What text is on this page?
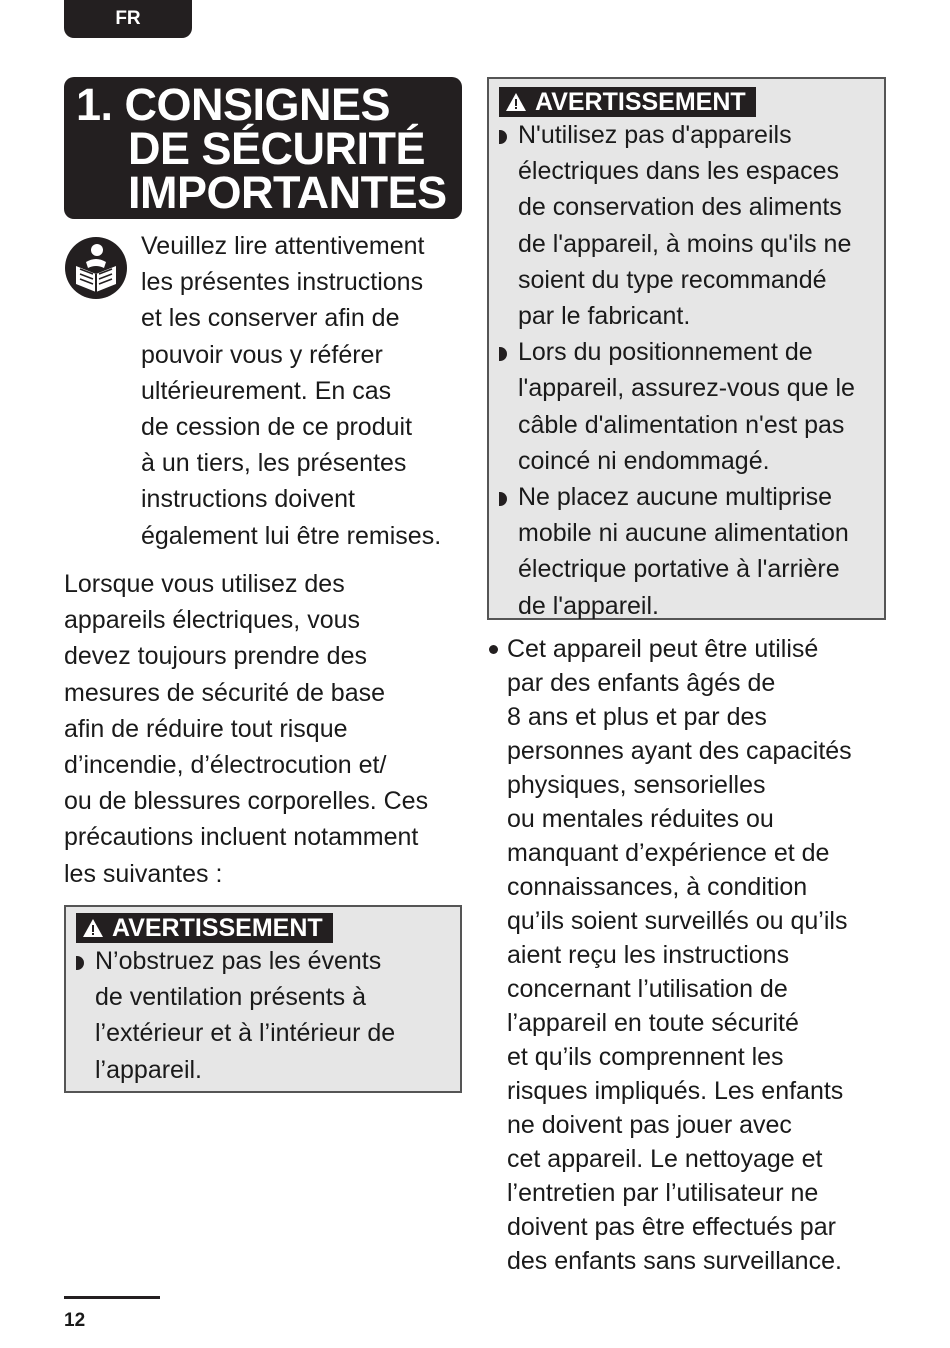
FR
1. CONSIGNES
DE SÉCURITÉ
IMPORTANTES
Veuillez lire attentivement
les présentes instructions
et les conserver afin de
pouvoir vous y référer
ultérieurement. En cas
de cession de ce produit
à un tiers, les présentes
instructions doivent
également lui être remises.
Lorsque vous utilisez des
appareils électriques, vous
devez toujours prendre des
mesures de sécurité de base
afin de réduire tout risque
d’incendie, d’électrocution et/
ou de blessures corporelles. Ces
précautions incluent notamment
les suivantes :
AVERTISSEMENT
N’obstruez pas les évents
de ventilation présents à
l’extérieur et à l’intérieur de
l’appareil.
AVERTISSEMENT
N'utilisez pas d'appareils
électriques dans les espaces
de conservation des aliments
de l'appareil, à moins qu'ils ne
soient du type recommandé
par le fabricant.
Lors du positionnement de
l'appareil, assurez-vous que le
câble d'alimentation n'est pas
coincé ni endommagé.
Ne placez aucune multiprise
mobile ni aucune alimentation
électrique portative à l'arrière
de l'appareil.
Cet appareil peut être utilisé
par des enfants âgés de
8 ans et plus et par des
personnes ayant des capacités
physiques, sensorielles
ou mentales réduites ou
manquant d’expérience et de
connaissances, à condition
qu’ils soient surveillés ou qu’ils
aient reçu les instructions
concernant l’utilisation de
l’appareil en toute sécurité
et qu’ils comprennent les
risques impliqués. Les enfants
ne doivent pas jouer avec
cet appareil. Le nettoyage et
l’entretien par l’utilisateur ne
doivent pas être effectués par
des enfants sans surveillance.
12
